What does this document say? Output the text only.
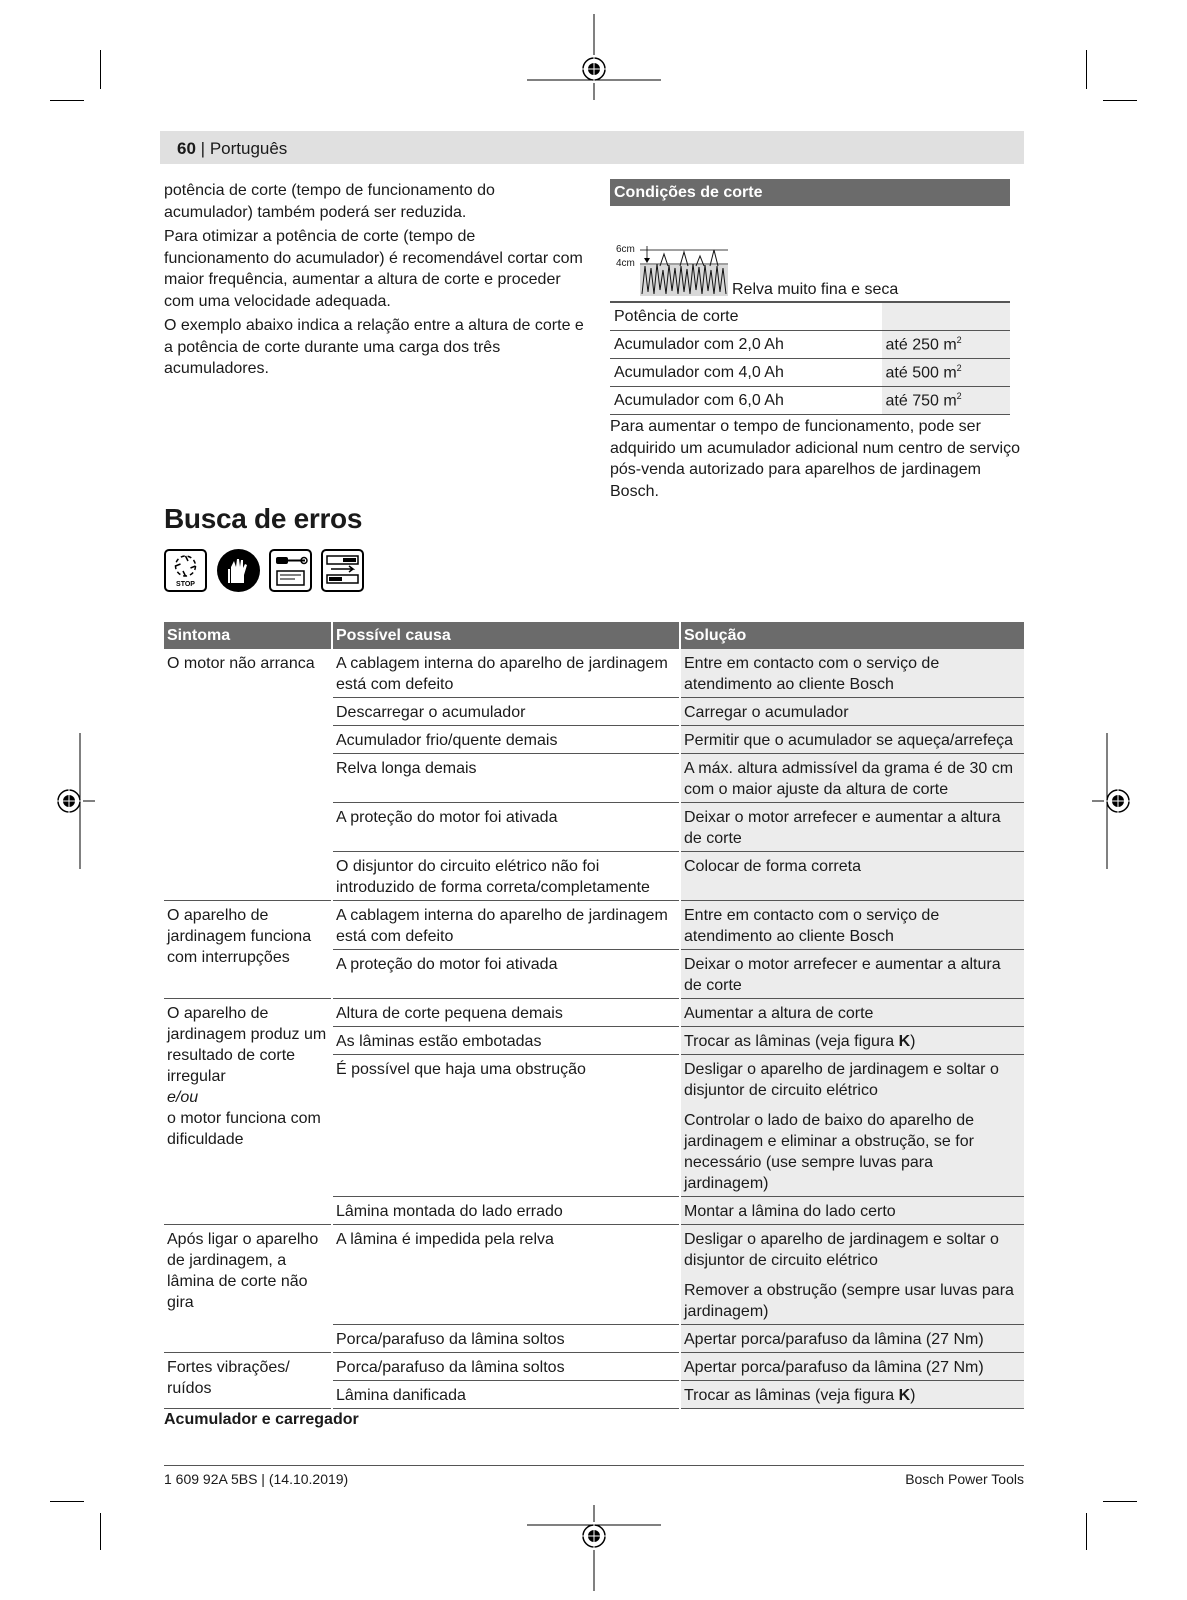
60 | Português
potência de corte (tempo de funcionamento do acumulador) também poderá ser reduzida.
Para otimizar a potência de corte (tempo de funcionamento do acumulador) é recomendável cortar com maior frequência, aumentar a altura de corte e proceder com uma velocidade adequada.
O exemplo abaixo indica a relação entre a altura de corte e a potência de corte durante uma carga dos três acumuladores.
Condições de corte
6cm
4cm
Relva muito fina e seca
Potência de corte	
Acumulador com 2,0 Ah	até 250 $m^2$
Acumulador com 4,0 Ah	até 500 $m^2$
Acumulador com 6,0 Ah	até 750 $m^2$
Para aumentar o tempo de funcionamento, pode ser adquirido um acumulador adicional num centro de serviço pós-venda autorizado para aparelhos de jardinagem Bosch.
Busca de erros
STOP
Sintoma	Possível causa	Solução
O motor não arranca	A cablagem interna do aparelho de jardinagem está com defeito	Entre em contacto com o serviço de atendimento ao cliente Bosch
	Descarregar o acumulador	Carregar o acumulador
	Acumulador frio/quente demais	Permitir que o acumulador se aqueça/arrefeça
	Relva longa demais	A máx. altura admissível da grama é de 30 cm com o maior ajuste da altura de corte
	A proteção do motor foi ativada	Deixar o motor arrefecer e aumentar a altura de corte
	O disjuntor do circuito elétrico não foi introduzido de forma correta/completamente	Colocar de forma correta
O aparelho de jardinagem funciona com interrupções	A cablagem interna do aparelho de jardinagem está com defeito	Entre em contacto com o serviço de atendimento ao cliente Bosch
	A proteção do motor foi ativada	Deixar o motor arrefecer e aumentar a altura de corte
O aparelho de jardinagem produz um resultado de corte irregular
e/ou
o motor funciona com dificuldade	Altura de corte pequena demais	Aumentar a altura de corte
	As lâminas estão embotadas	Trocar as lâminas (veja figura K)
	É possível que haja uma obstrução	Desligar o aparelho de jardinagem e soltar o disjuntor de circuito elétrico
Controlar o lado de baixo do aparelho de jardinagem e eliminar a obstrução, se for necessário (use sempre luvas para jardinagem)

	Lâmina montada do lado errado	Montar a lâmina do lado certo
Após ligar o aparelho de jardinagem, a lâmina de corte não gira	A lâmina é impedida pela relva	Desligar o aparelho de jardinagem e soltar o disjuntor de circuito elétrico
Remover a obstrução (sempre usar luvas para jardinagem)

	Porca/parafuso da lâmina soltos	Apertar porca/parafuso da lâmina (27 Nm)
Fortes vibrações/ ruídos	Porca/parafuso da lâmina soltos	Apertar porca/parafuso da lâmina (27 Nm)
	Lâmina danificada	Trocar as lâminas (veja figura K)
Acumulador e carregador
1 609 92A 5BS | (14.10.2019)	Bosch Power Tools
